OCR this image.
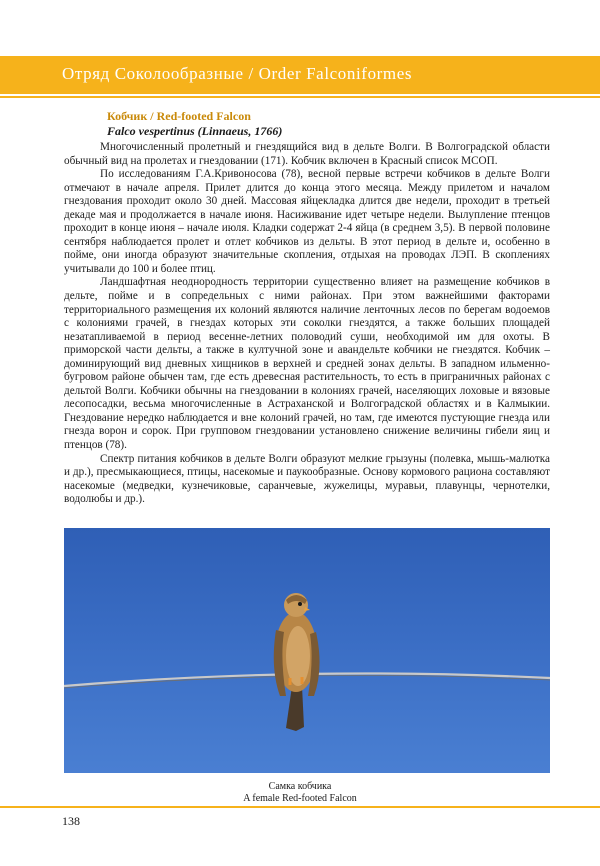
Отряд Соколообразные / Order Falconiformes
Кобчик / Red-footed Falcon
Falco vespertinus (Linnaeus, 1766)

Многочисленный пролетный и гнездящийся вид в дельте Волги. В Волгоградской области обычный вид на пролетах и гнездовании (171). Кобчик включен в Красный список МСОП.

По исследованиям Г.А.Кривоносова (78), весной первые встречи кобчиков в дельте Волги отмечают в начале апреля. Прилет длится до конца этого месяца. Между прилетом и началом гнездования проходит около 30 дней. Массовая яйцекладка длится две недели, проходит в третьей декаде мая и продолжается в начале июня. Насиживание идет четыре недели. Вылупление птенцов проходит в конце июня – начале июля. Кладки содержат 2-4 яйца (в среднем 3,5). В первой половине сентября наблюдается пролет и отлет кобчиков из дельты. В этот период в дельте и, особенно в пойме, они иногда образуют значительные скопления, отдыхая на проводах ЛЭП. В скоплениях учитывали до 100 и более птиц.

Ландшафтная неоднородность территории существенно влияет на размещение кобчиков в дельте, пойме и в сопредельных с ними районах. При этом важнейшими факторами территориального размещения их колоний являются наличие ленточных лесов по берегам водоемов с колониями грачей, в гнездах которых эти соколки гнездятся, а также больших площадей незатапливаемой в период весенне-летних половодий суши, необходимой им для охоты. В приморской части дельты, а также в култучной зоне и авандельте кобчики не гнездятся. Кобчик – доминирующий вид дневных хищников в верхней и средней зонах дельты. В западном ильменно-бугровом районе обычен там, где есть древесная растительность, то есть в приграничных районах с дельтой Волги. Кобчики обычны на гнездовании в колониях грачей, населяющих лоховые и вязовые лесопосадки, весьма многочисленные в Астраханской и Волгоградской областях и в Калмыкии. Гнездование нередко наблюдается и вне колоний грачей, но там, где имеются пустующие гнезда или гнезда ворон и сорок. При групповом гнездовании установлено снижение величины гибели яиц и птенцов (78).

Спектр питания кобчиков в дельте Волги образуют мелкие грызуны (полевка, мышь-малютка и др.), пресмыкающиеся, птицы, насекомые и паукообразные. Основу кормового рациона составляют насекомые (медведки, кузнечиковые, саранчевые, жужелицы, муравьи, плавунцы, чернотелки, водолюбы и др.).

Самка кобчика
A female Red-footed Falcon
138
